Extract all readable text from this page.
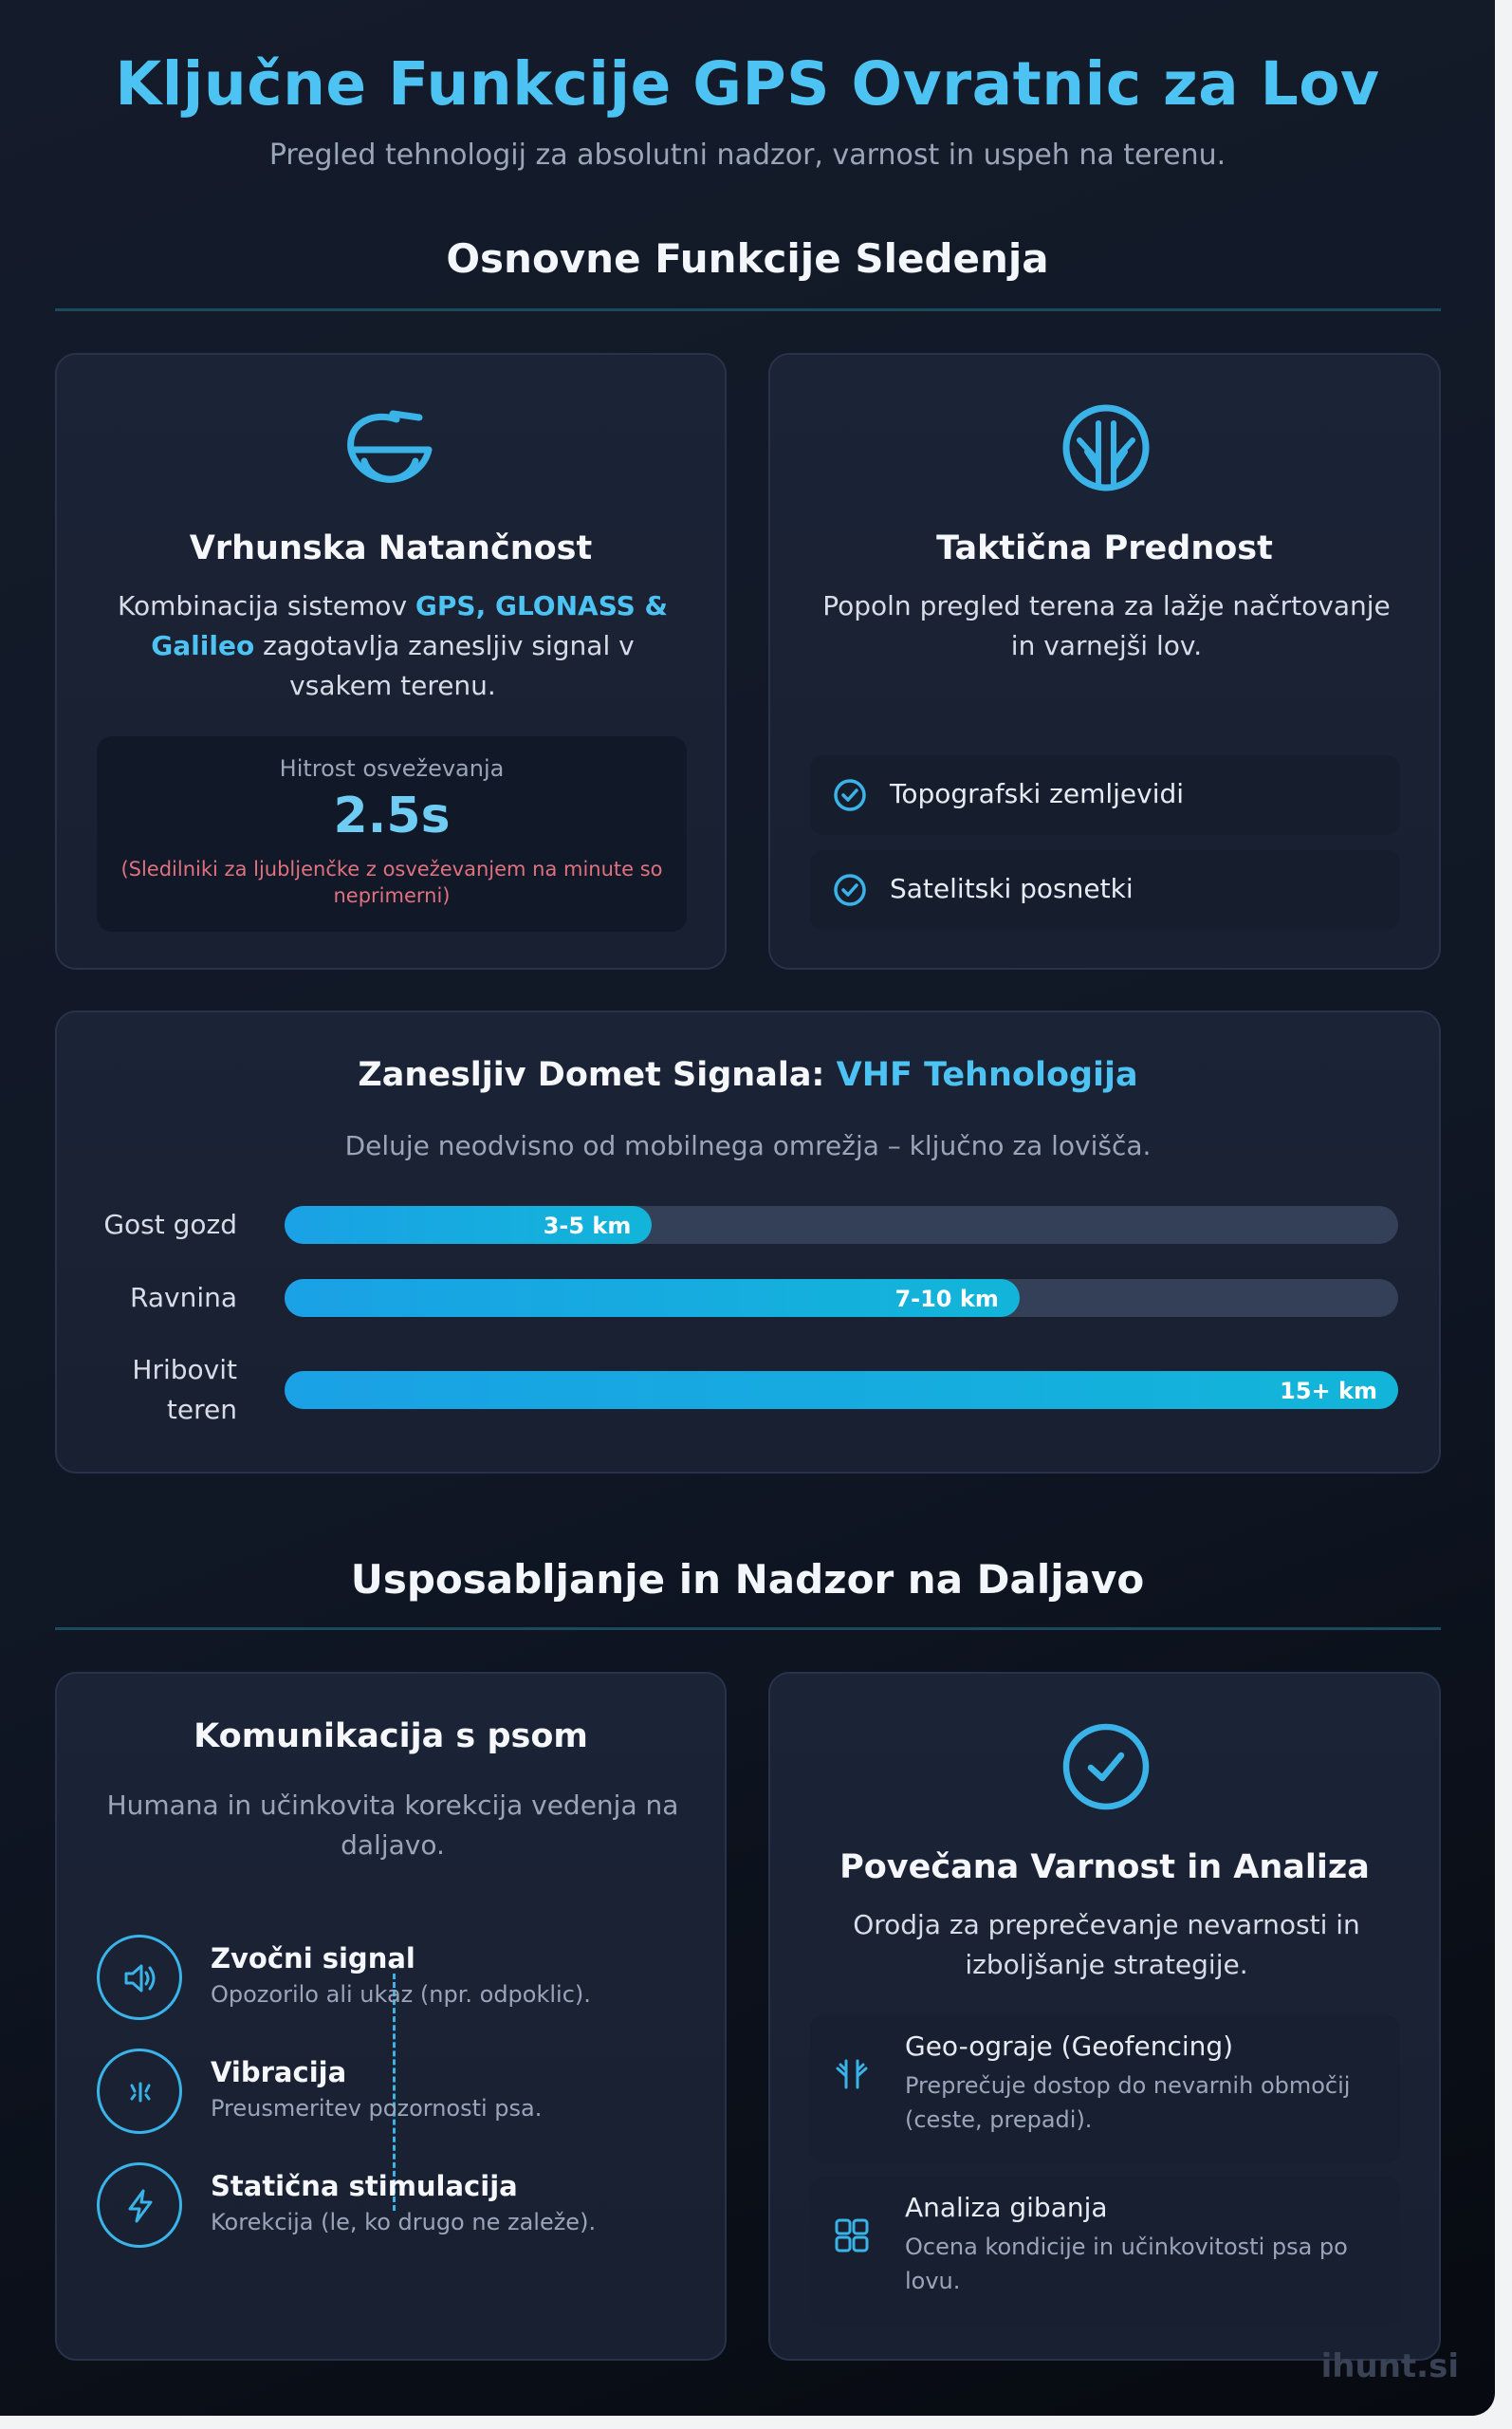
Ključne Funkcije GPS Ovratnic za Lov
Pregled tehnologij za absolutni nadzor, varnost in uspeh na terenu.
Osnovne Funkcije Sledenja
Vrhunska Natančnost
Kombinacija sistemov GPS, GLONASS & Galileo zagotavlja zanesljiv signal v vsakem terenu.
Hitrost osveževanja
2.5s
(Sledilniki za ljubljenčke z osveževanjem na minute so neprimerni)
Taktična Prednost
Popoln pregled terena za lažje načrtovanje in varnejši lov.
Topografski zemljevidi
Satelitski posnetki
Zanesljiv Domet Signala: VHF Tehnologija
Deluje neodvisno od mobilnega omrežja – ključno za lovišča.
Gost gozd	3-5 km
Ravnina	7-10 km
Hribovit teren
15+ km
Usposabljanje in Nadzor na Daljavo
Komunikacija s psom
Humana in učinkovita korekcija vedenja na daljavo.
Zvočni signal
Opozorilo ali ukaz (npr. odpoklic).
Vibracija
Preusmeritev pozornosti psa.
Statična stimulacija
Korekcija (le, ko drugo ne zaleže).
Povečana Varnost in Analiza
Orodja za preprečevanje nevarnosti in izboljšanje strategije.
Geo-ograje (Geofencing)
Preprečuje dostop do nevarnih območij (ceste, prepadi).
Analiza gibanja
Ocena kondicije in učinkovitosti psa po lovu.
ihunt.si
